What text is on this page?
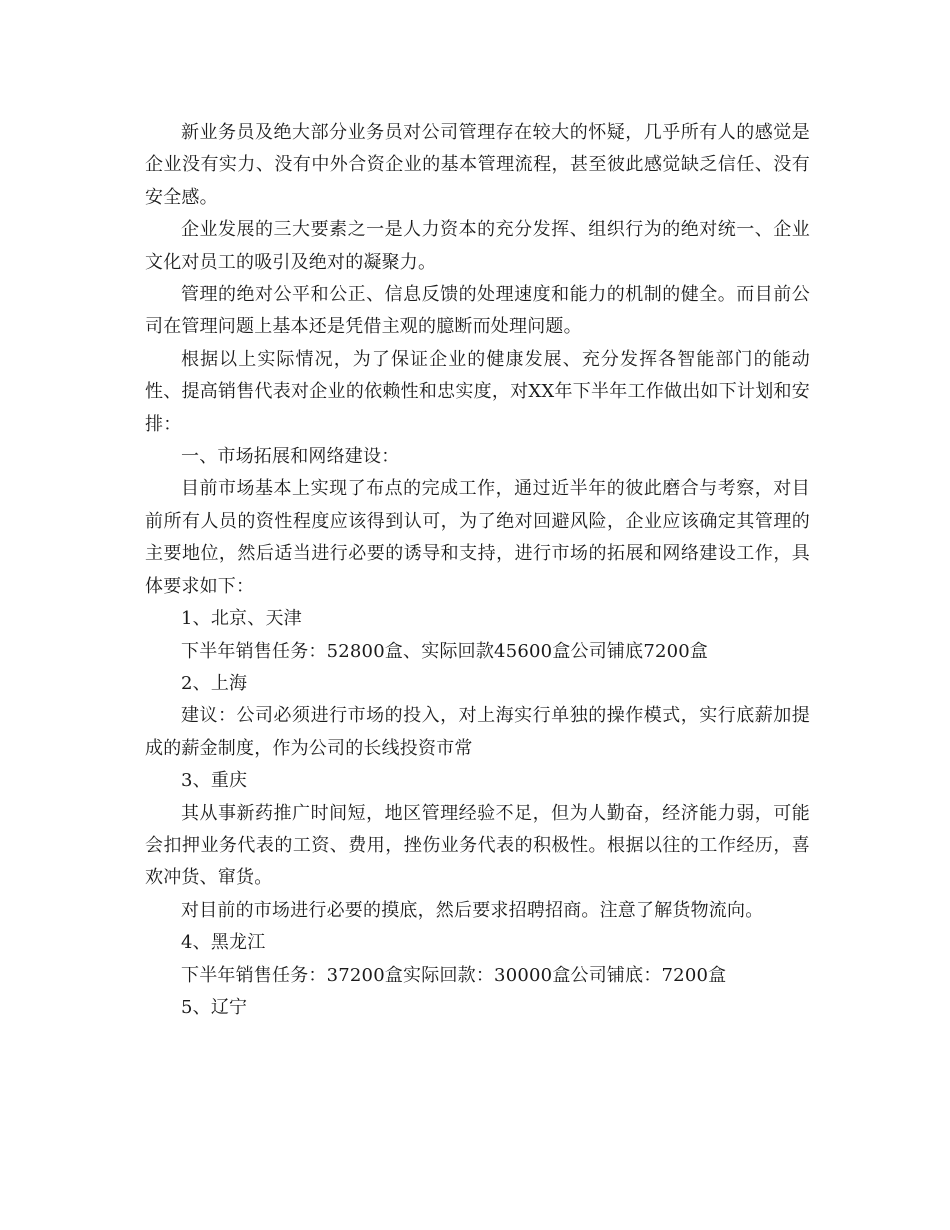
新业务员及绝大部分业务员对公司管理存在较大的怀疑，几乎所有人的感觉是企业没有实力、没有中外合资企业的基本管理流程，甚至彼此感觉缺乏信任、没有安全感。

企业发展的三大要素之一是人力资本的充分发挥、组织行为的绝对统一、企业文化对员工的吸引及绝对的凝聚力。

管理的绝对公平和公正、信息反馈的处理速度和能力的机制的健全。而目前公司在管理问题上基本还是凭借主观的臆断而处理问题。

根据以上实际情况，为了保证企业的健康发展、充分发挥各智能部门的能动性、提高销售代表对企业的依赖性和忠实度，对XX年下半年工作做出如下计划和安排：

一、市场拓展和网络建设：

目前市场基本上实现了布点的完成工作，通过近半年的彼此磨合与考察，对目前所有人员的资性程度应该得到认可，为了绝对回避风险，企业应该确定其管理的主要地位，然后适当进行必要的诱导和支持，进行市场的拓展和网络建设工作，具体要求如下：

1、北京、天津

下半年销售任务：52800盒、实际回款45600盒公司铺底7200盒

2、上海

建议：公司必须进行市场的投入，对上海实行单独的操作模式，实行底薪加提成的薪金制度，作为公司的长线投资市常

3、重庆

其从事新药推广时间短，地区管理经验不足，但为人勤奋，经济能力弱，可能会扣押业务代表的工资、费用，挫伤业务代表的积极性。根据以往的工作经历，喜欢冲货、窜货。

对目前的市场进行必要的摸底，然后要求招聘招商。注意了解货物流向。

4、黑龙江

下半年销售任务：37200盒实际回款：30000盒公司铺底：7200盒

5、辽宁
